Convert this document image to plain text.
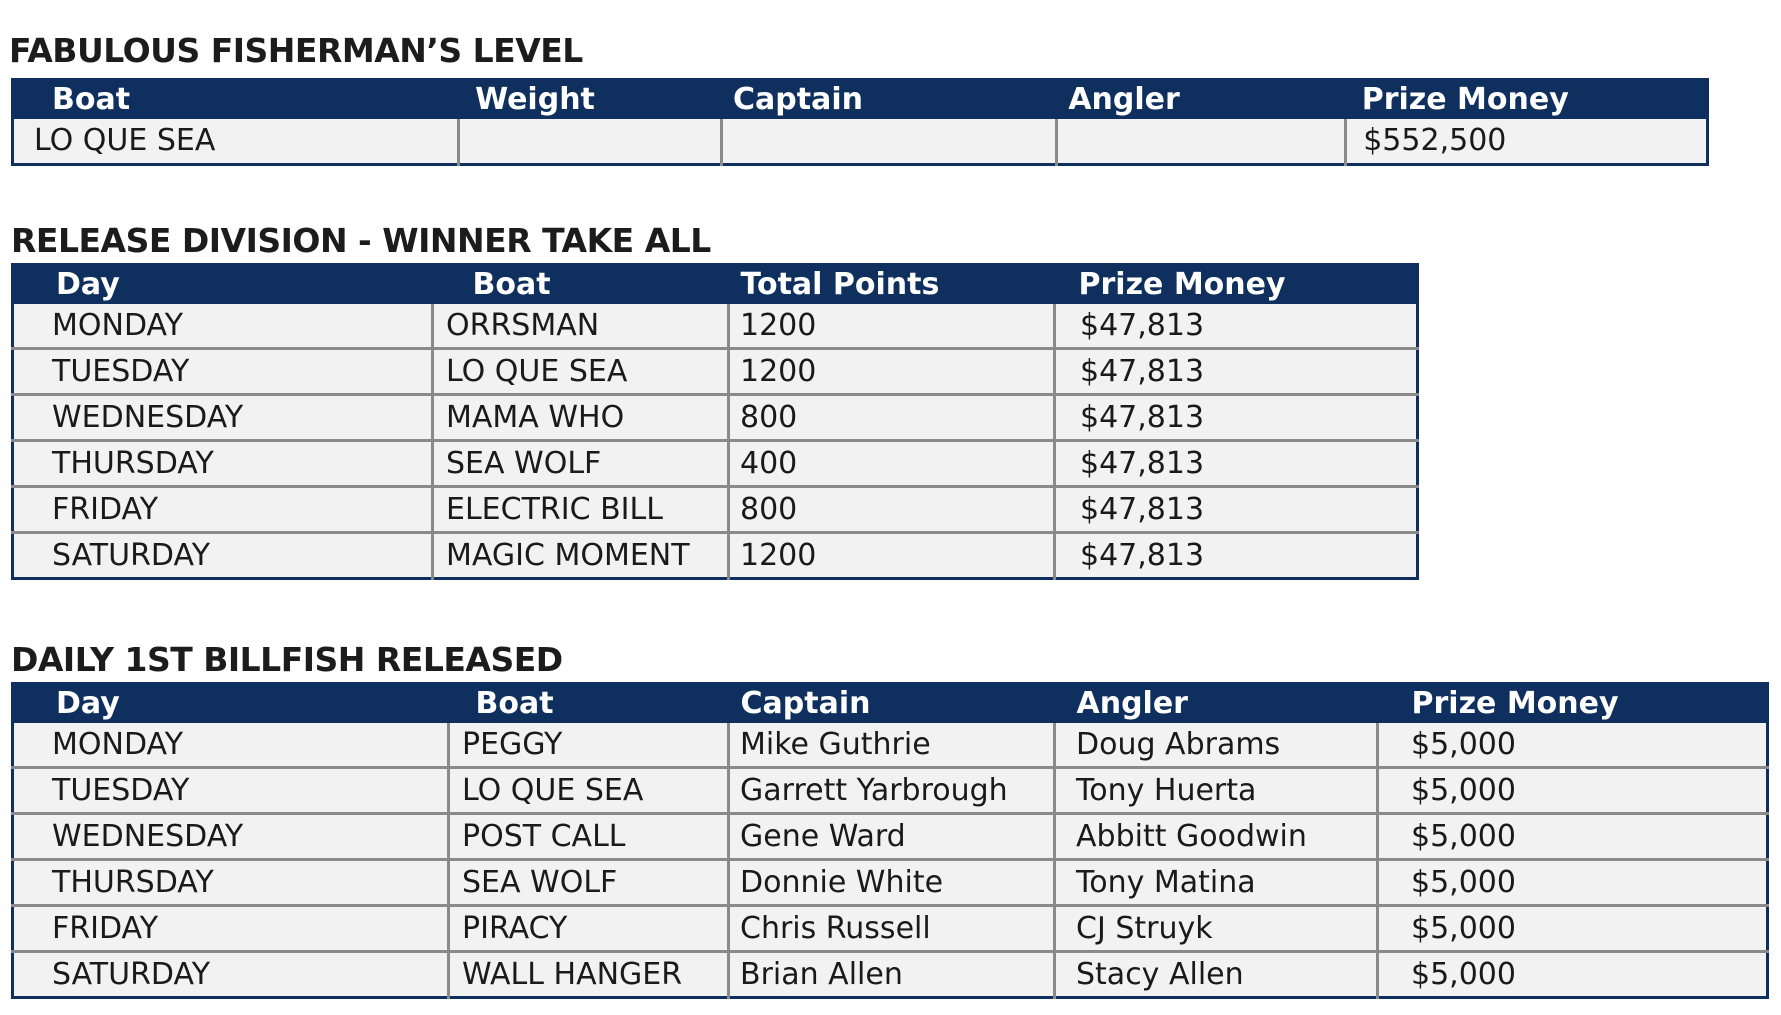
FABULOUS FISHERMAN’S LEVEL
Boat	Weight	Captain	Angler	Prize Money
LO QUE SEA				$552,500
RELEASE DIVISION - WINNER TAKE ALL
Day	Boat	Total Points	Prize Money
MONDAY	ORRSMAN	1200	$47,813
TUESDAY	LO QUE SEA	1200	$47,813
WEDNESDAY	MAMA WHO	800	$47,813
THURSDAY	SEA WOLF	400	$47,813
FRIDAY	ELECTRIC BILL	800	$47,813
SATURDAY	MAGIC MOMENT	1200	$47,813
DAILY 1ST BILLFISH RELEASED
Day	Boat	Captain	Angler	Prize Money
MONDAY	PEGGY	Mike Guthrie	Doug Abrams	$5,000
TUESDAY	LO QUE SEA	Garrett Yarbrough	Tony Huerta	$5,000
WEDNESDAY	POST CALL	Gene Ward	Abbitt Goodwin	$5,000
THURSDAY	SEA WOLF	Donnie White	Tony Matina	$5,000
FRIDAY	PIRACY	Chris Russell	CJ Struyk	$5,000
SATURDAY	WALL HANGER	Brian Allen	Stacy Allen	$5,000
